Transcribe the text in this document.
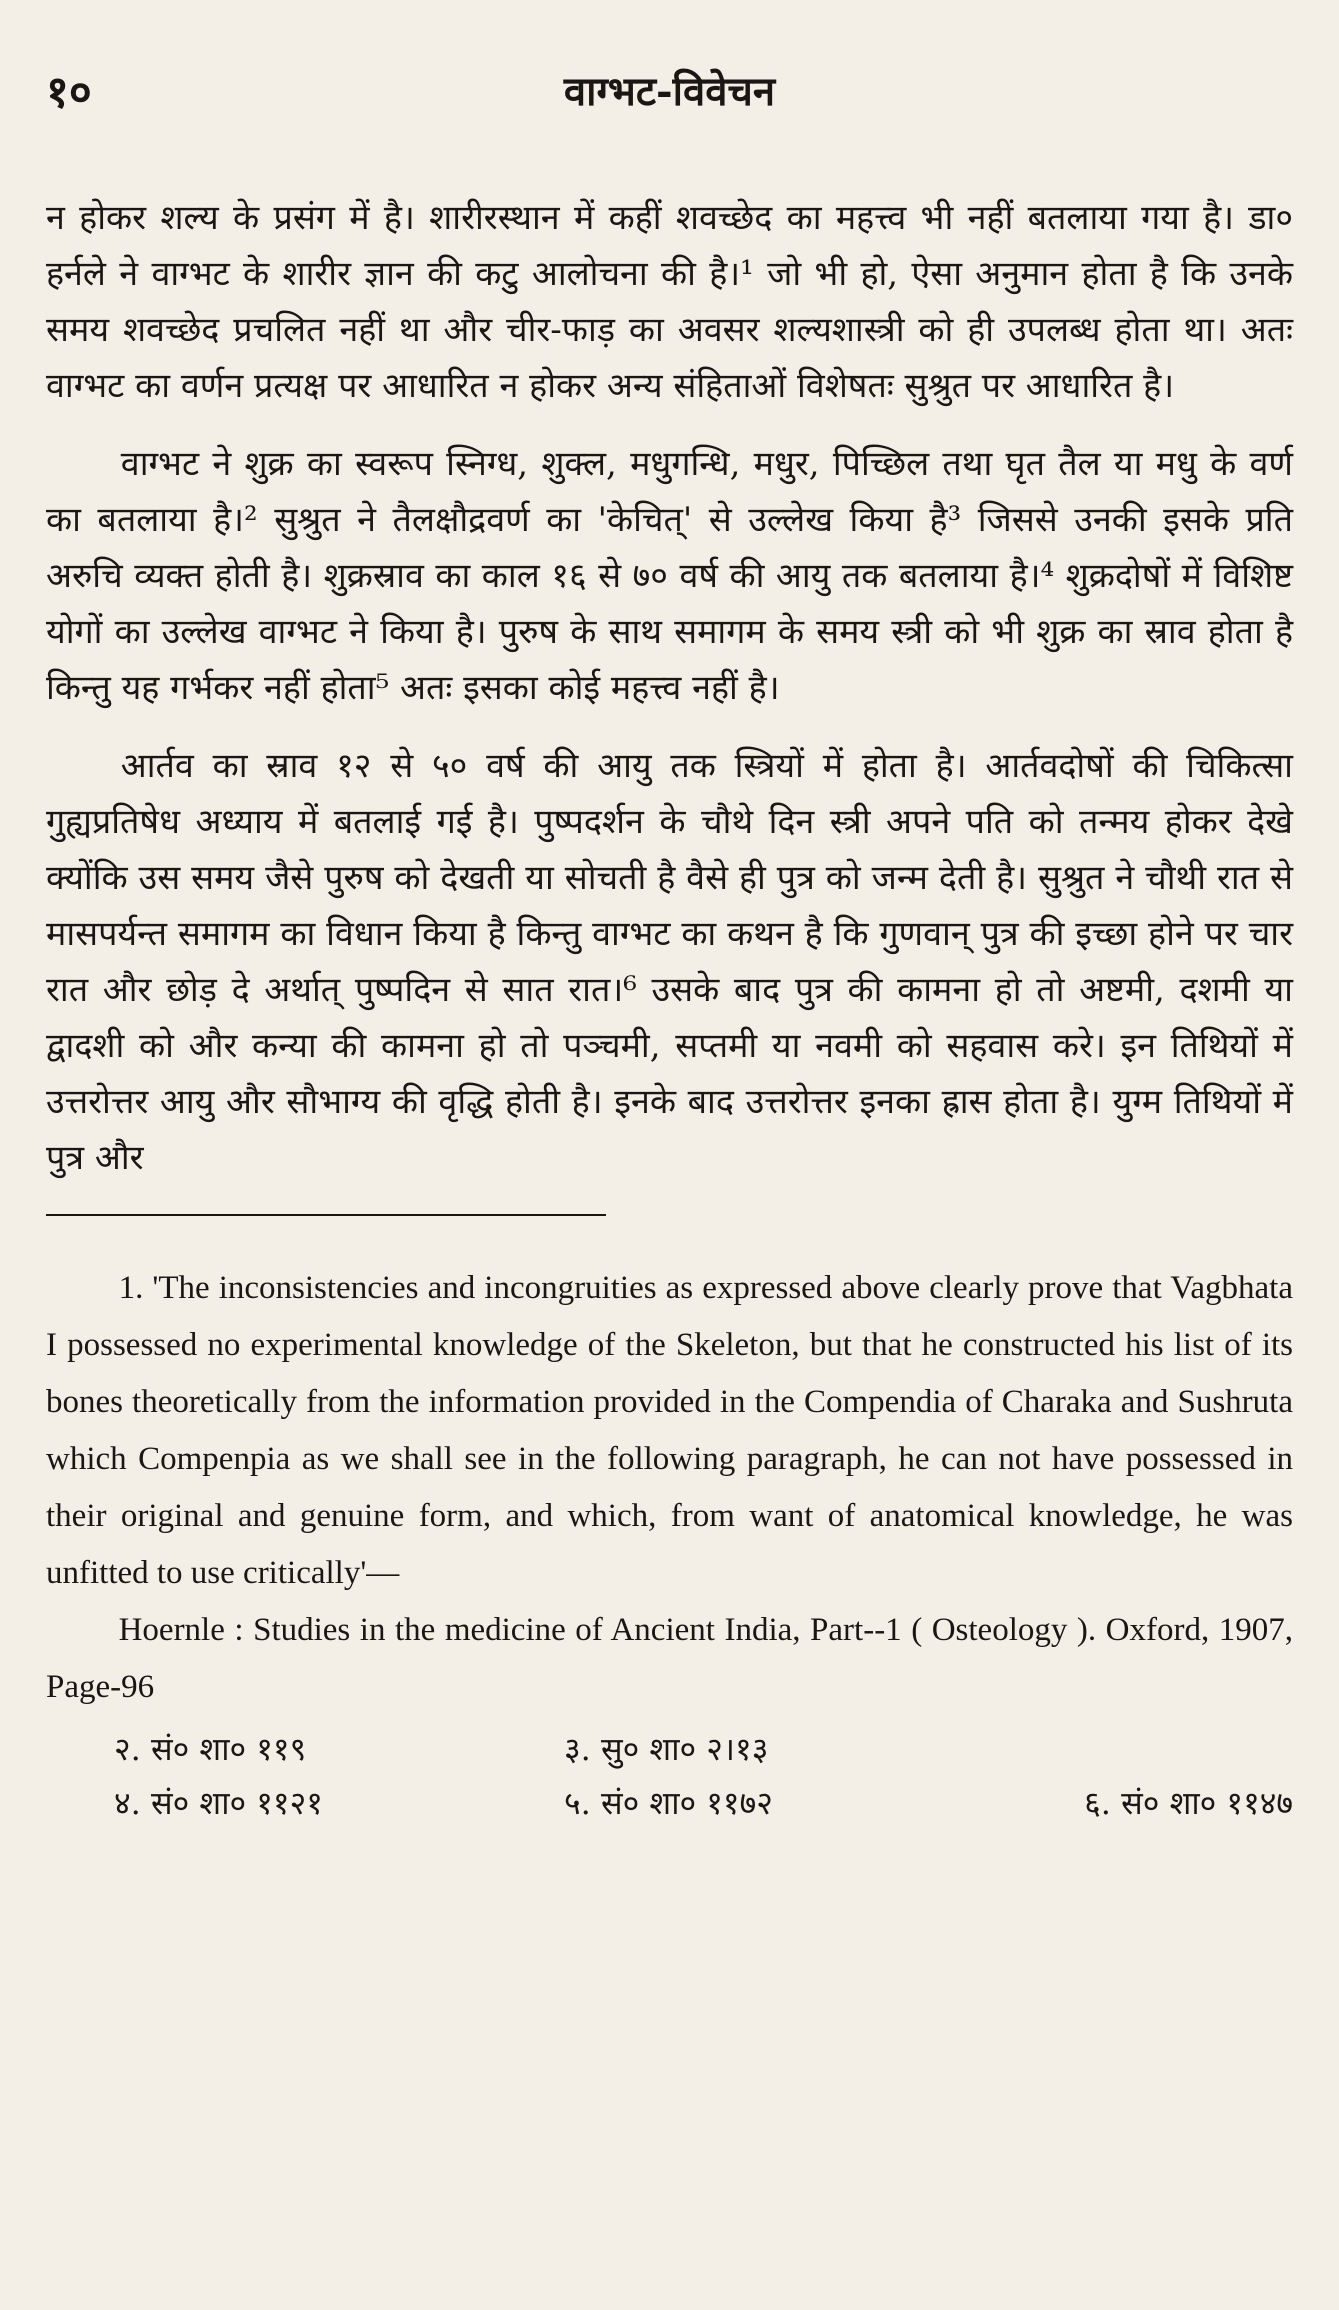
१०	वाग्भट-विवेचन

न होकर शल्य के प्रसंग में है। शारीरस्थान में कहीं शवच्छेद का महत्त्व भी नहीं बतलाया गया है। डा० हर्नले ने वाग्भट के शारीर ज्ञान की कटु आलोचना की है।¹ जो भी हो, ऐसा अनुमान होता है कि उनके समय शवच्छेद प्रचलित नहीं था और चीर-फाड़ का अवसर शल्यशास्त्री को ही उपलब्ध होता था। अतः वाग्भट का वर्णन प्रत्यक्ष पर आधारित न होकर अन्य संहिताओं विशेषतः सुश्रुत पर आधारित है।

वाग्भट ने शुक्र का स्वरूप स्निग्ध, शुक्ल, मधुगन्धि, मधुर, पिच्छिल तथा घृत तैल या मधु के वर्ण का बतलाया है।² सुश्रुत ने तैलक्षौद्रवर्ण का 'केचित्' से उल्लेख किया है³ जिससे उनकी इसके प्रति अरुचि व्यक्त होती है। शुक्रस्राव का काल १६ से ७० वर्ष की आयु तक बतलाया है।⁴ शुक्रदोषों में विशिष्ट योगों का उल्लेख वाग्भट ने किया है। पुरुष के साथ समागम के समय स्त्री को भी शुक्र का स्राव होता है किन्तु यह गर्भकर नहीं होता⁵ अतः इसका कोई महत्त्व नहीं है।

आर्तव का स्राव १२ से ५० वर्ष की आयु तक स्त्रियों में होता है। आर्तवदोषों की चिकित्सा गुह्यप्रतिषेध अध्याय में बतलाई गई है। पुष्पदर्शन के चौथे दिन स्त्री अपने पति को तन्मय होकर देखे क्योंकि उस समय जैसे पुरुष को देखती या सोचती है वैसे ही पुत्र को जन्म देती है। सुश्रुत ने चौथी रात से मासपर्यन्त समागम का विधान किया है किन्तु वाग्भट का कथन है कि गुणवान् पुत्र की इच्छा होने पर चार रात और छोड़ दे अर्थात् पुष्पदिन से सात रात।⁶ उसके बाद पुत्र की कामना हो तो अष्टमी, दशमी या द्वादशी को और कन्या की कामना हो तो पञ्चमी, सप्तमी या नवमी को सहवास करे। इन तिथियों में उत्तरोत्तर आयु और सौभाग्य की वृद्धि होती है। इनके बाद उत्तरोत्तर इनका ह्रास होता है। युग्म तिथियों में पुत्र और

1. 'The inconsistencies and incongruities as expressed above clearly prove that Vagbhata I possessed no experimental knowledge of the Skeleton, but that he constructed his list of its bones theoretically from the information provided in the Compendia of Charaka and Sushruta which Compenpia as we shall see in the following paragraph, he can not have possessed in their original and genuine form, and which, from want of anatomical knowledge, he was unfitted to use critically'—

Hoernle : Studies in the medicine of Ancient India, Part--1 ( Osteology ). Oxford, 1907, Page-96

२. सं० शा० ११९	३. सु० शा० २।१३
४. सं० शा० ११२१	५. सं० शा० ११७२	६. सं० शा० ११४७
